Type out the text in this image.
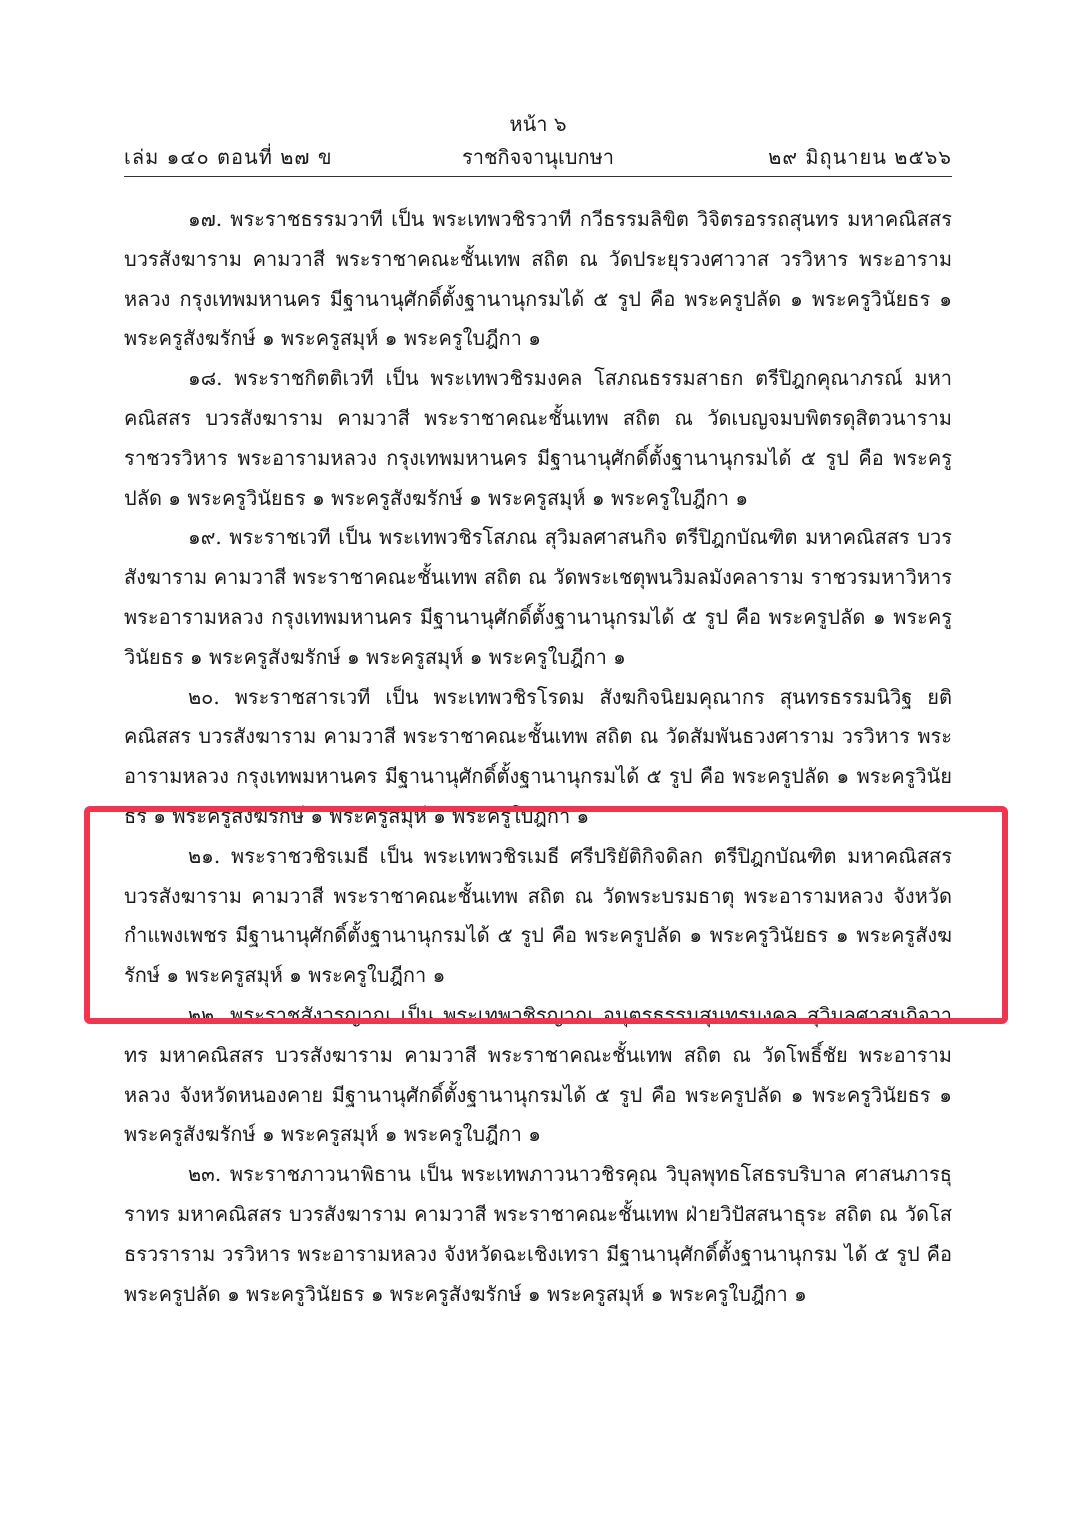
หน้า ๖
เล่ม ๑๔๐ ตอนที่ ๒๗ ข	ราชกิจจานุเบกษา	๒๙ มิถุนายน ๒๕๖๖

๑๗. พระราชธรรมวาที เป็น พระเทพวชิรวาที กวีธรรมลิขิต วิจิตรอรรถสุนทร มหาคณิสสร บวรสังฆาราม คามวาสี พระราชาคณะชั้นเทพ สถิต ณ วัดประยุรวงศาวาส วรวิหาร พระอารามหลวง กรุงเทพมหานคร มีฐานานุศักดิ์ตั้งฐานานุกรมได้ ๕ รูป คือ พระครูปลัด ๑ พระครูวินัยธร ๑ พระครูสังฆรักษ์ ๑ พระครูสมุห์ ๑ พระครูใบฎีกา ๑

๑๘. พระราชกิตติเวที เป็น พระเทพวชิรมงคล โสภณธรรมสาธก ตรีปิฎกคุณาภรณ์ มหาคณิสสร บวรสังฆาราม คามวาสี พระราชาคณะชั้นเทพ สถิต ณ วัดเบญจมบพิตรดุสิตวนาราม ราชวรวิหาร พระอารามหลวง กรุงเทพมหานคร มีฐานานุศักดิ์ตั้งฐานานุกรมได้ ๕ รูป คือ พระครูปลัด ๑ พระครูวินัยธร ๑ พระครูสังฆรักษ์ ๑ พระครูสมุห์ ๑ พระครูใบฎีกา ๑

๑๙. พระราชเวที เป็น พระเทพวชิรโสภณ สุวิมลศาสนกิจ ตรีปิฎกบัณฑิต มหาคณิสสร บวรสังฆาราม คามวาสี พระราชาคณะชั้นเทพ สถิต ณ วัดพระเชตุพนวิมลมังคลาราม ราชวรมหาวิหาร พระอารามหลวง กรุงเทพมหานคร มีฐานานุศักดิ์ตั้งฐานานุกรมได้ ๕ รูป คือ พระครูปลัด ๑ พระครูวินัยธร ๑ พระครูสังฆรักษ์ ๑ พระครูสมุห์ ๑ พระครูใบฎีกา ๑

๒๐. พระราชสารเวที เป็น พระเทพวชิรโรดม สังฆกิจนิยมคุณากร สุนทรธรรมนิวิฐ ยติคณิสสร บวรสังฆาราม คามวาสี พระราชาคณะชั้นเทพ สถิต ณ วัดสัมพันธวงศาราม วรวิหาร พระอารามหลวง กรุงเทพมหานคร มีฐานานุศักดิ์ตั้งฐานานุกรมได้ ๕ รูป คือ พระครูปลัด ๑ พระครูวินัยธร ๑ พระครูสังฆรักษ์ ๑ พระครูสมุห์ ๑ พระครูใบฎีกา ๑

๒๑. พระราชวชิรเมธี เป็น พระเทพวชิรเมธี ศรีปริยัติกิจดิลก ตรีปิฎกบัณฑิต มหาคณิสสร บวรสังฆาราม คามวาสี พระราชาคณะชั้นเทพ สถิต ณ วัดพระบรมธาตุ พระอารามหลวง จังหวัดกำแพงเพชร มีฐานานุศักดิ์ตั้งฐานานุกรมได้ ๕ รูป คือ พระครูปลัด ๑ พระครูวินัยธร ๑ พระครูสังฆรักษ์ ๑ พระครูสมุห์ ๑ พระครูใบฎีกา ๑

๒๒. พระราชสังวรญาณ เป็น พระเทพวชิรญาณ อนุตรธรรมสุนทรมงคล สุวิมลศาสนกิจวาทร มหาคณิสสร บวรสังฆาราม คามวาสี พระราชาคณะชั้นเทพ สถิต ณ วัดโพธิ์ชัย พระอารามหลวง จังหวัดหนองคาย มีฐานานุศักดิ์ตั้งฐานานุกรมได้ ๕ รูป คือ พระครูปลัด ๑ พระครูวินัยธร ๑ พระครูสังฆรักษ์ ๑ พระครูสมุห์ ๑ พระครูใบฎีกา ๑

๒๓. พระราชภาวนาพิธาน เป็น พระเทพภาวนาวชิรคุณ วิบุลพุทธโสธรบริบาล ศาสนภารธุราทร มหาคณิสสร บวรสังฆาราม คามวาสี พระราชาคณะชั้นเทพ ฝ่ายวิปัสสนาธุระ สถิต ณ วัดโสธรวราราม วรวิหาร พระอารามหลวง จังหวัดฉะเชิงเทรา มีฐานานุศักดิ์ตั้งฐานานุกรม ได้ ๕ รูป คือ พระครูปลัด ๑ พระครูวินัยธร ๑ พระครูสังฆรักษ์ ๑ พระครูสมุห์ ๑ พระครูใบฎีกา ๑
